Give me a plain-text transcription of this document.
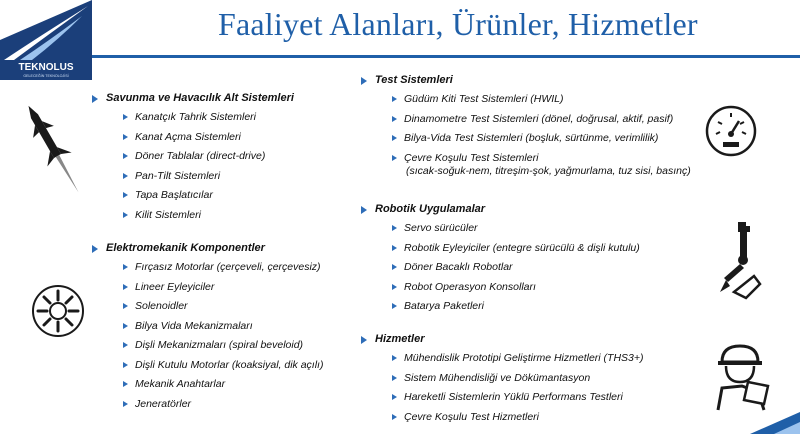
TEKNOLUS
GELECEĞİN TEKNOLOJİSİ
Faaliyet Alanları, Ürünler, Hizmetler
Savunma ve Havacılık Alt Sistemleri
Kanatçık Tahrik Sistemleri
Kanat Açma Sistemleri
Döner Tablalar (direct-drive)
Pan-Tilt Sistemleri
Tapa Başlatıcılar
Kilit Sistemleri
Elektromekanik Komponentler
Fırçasız Motorlar (çerçeveli, çerçevesiz)
Lineer Eyleyiciler
Solenoidler
Bilya Vida Mekanizmaları
Dişli Mekanizmaları (spiral beveloid)
Dişli Kutulu Motorlar (koaksiyal, dik açılı)
Mekanik Anahtarlar
Jeneratörler
Test Sistemleri
Güdüm Kiti Test Sistemleri (HWIL)
Dinamometre Test Sistemleri (dönel, doğrusal, aktif, pasif)
Bilya-Vida Test Sistemleri (boşluk, sürtünme, verimlilik)
Çevre Koşulu Test Sistemleri
(sıcak-soğuk-nem, titreşim-şok, yağmurlama, tuz sisi, basınç)
Robotik Uygulamalar
Servo sürücüler
Robotik Eyleyiciler (entegre sürücülü & dişli kutulu)
Döner Bacaklı Robotlar
Robot Operasyon Konsolları
Batarya Paketleri
Hizmetler
Mühendislik Prototipi Geliştirme Hizmetleri (THS3+)
Sistem Mühendisliği ve Dökümantasyon
Hareketli Sistemlerin Yüklü Performans Testleri
Çevre Koşulu Test Hizmetleri
